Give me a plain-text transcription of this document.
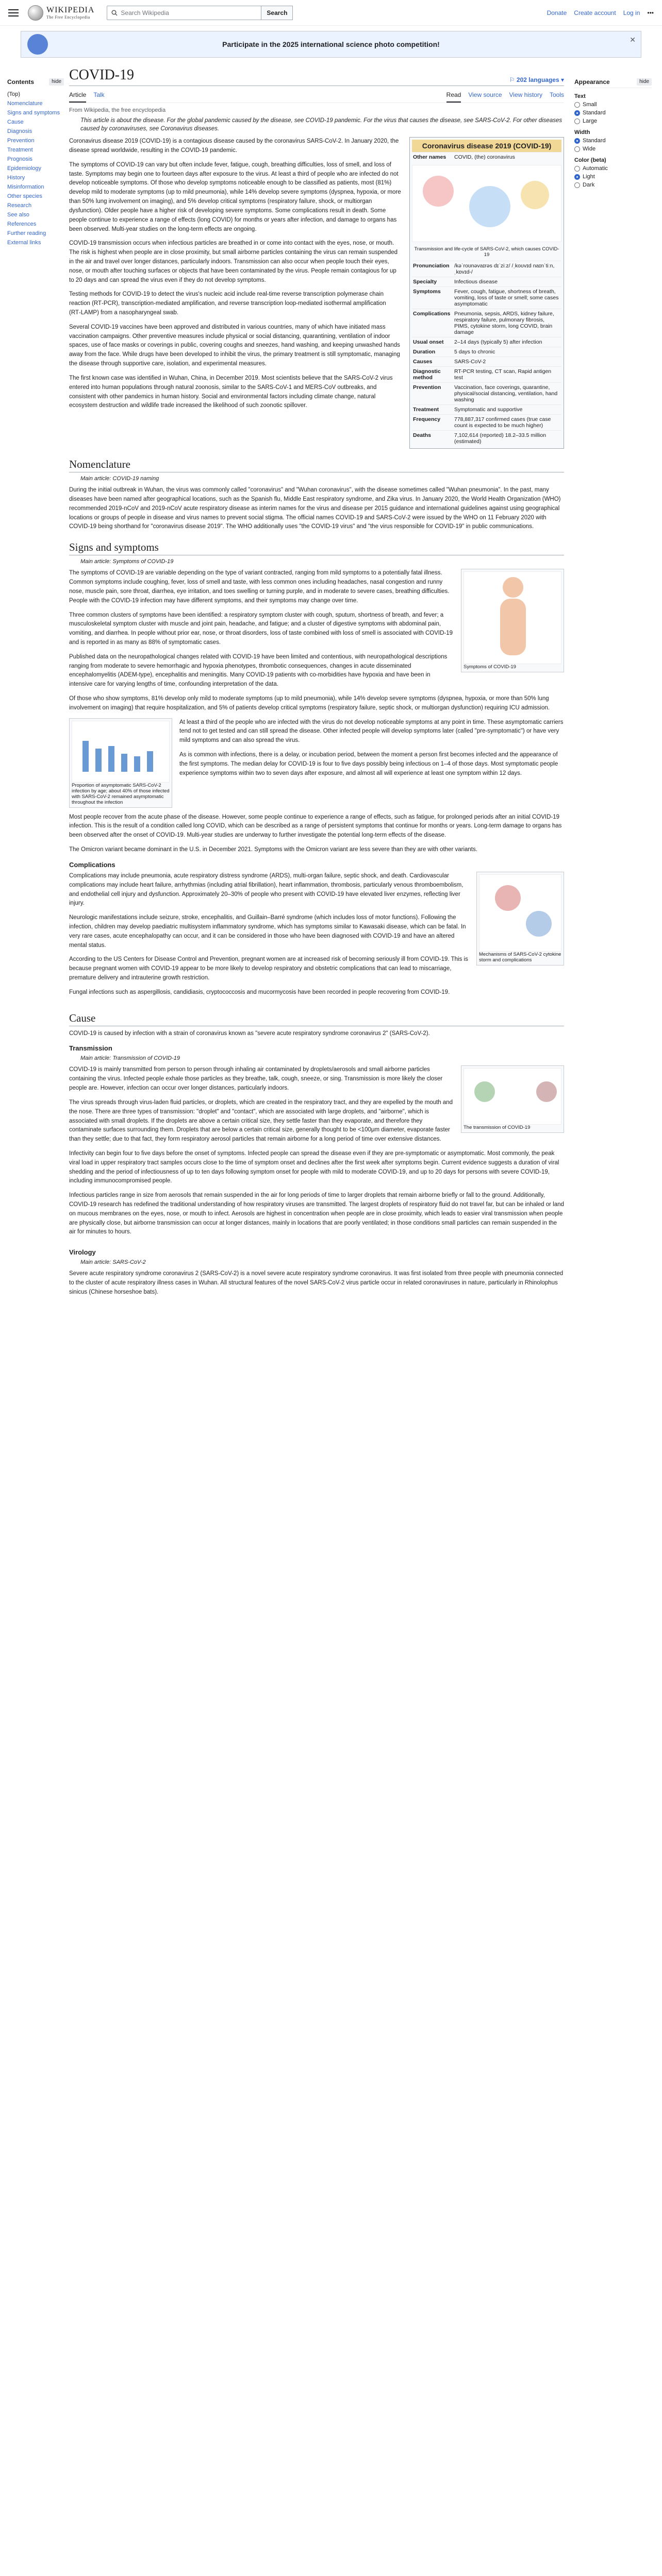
WIKIPEDIA
The Free Encyclopedia
Search Wikipedia	Search	Donate Create account Log in •••
Participate in the 2025 international science photo competition!
✕
Contents	hide
(Top)
Nomenclature
Signs and symptoms
Cause
Diagnosis
Prevention
Treatment
Prognosis
Epidemiology
History
Misinformation
Other species
Research
See also
References
Further reading
External links
COVID-19	⚐ 202 languages ▾
Article Talk	Read View source View history Tools
From Wikipedia, the free encyclopedia
This article is about the disease. For the global pandemic caused by the disease, see COVID-19 pandemic. For the virus that causes the disease, see SARS-CoV-2. For other diseases caused by coronaviruses, see Coronavirus diseases.

Coronavirus disease 2019 (COVID-19) is a contagious disease caused by the coronavirus SARS-CoV-2. In January 2020, the disease spread worldwide, resulting in the COVID-19 pandemic.

The symptoms of COVID‑19 can vary but often include fever, fatigue, cough, breathing difficulties, loss of smell, and loss of taste. Symptoms may begin one to fourteen days after exposure to the virus. At least a third of people who are infected do not develop noticeable symptoms. Of those who develop symptoms noticeable enough to be classified as patients, most (81%) develop mild to moderate symptoms (up to mild pneumonia), while 14% develop severe symptoms (dyspnea, hypoxia, or more than 50% lung involvement on imaging), and 5% develop critical symptoms (respiratory failure, shock, or multiorgan dysfunction). Older people have a higher risk of developing severe symptoms. Some complications result in death. Some people continue to experience a range of effects (long COVID) for months or years after infection, and damage to organs has been observed. Multi-year studies on the long-term effects are ongoing.

COVID‑19 transmission occurs when infectious particles are breathed in or come into contact with the eyes, nose, or mouth. The risk is highest when people are in close proximity, but small airborne particles containing the virus can remain suspended in the air and travel over longer distances, particularly indoors. Transmission can also occur when people touch their eyes, nose, or mouth after touching surfaces or objects that have been contaminated by the virus. People remain contagious for up to 20 days and can spread the virus even if they do not develop symptoms.

Testing methods for COVID-19 to detect the virus's nucleic acid include real-time reverse transcription polymerase chain reaction (RT‑PCR), transcription-mediated amplification, and reverse transcription loop-mediated isothermal amplification (RT‑LAMP) from a nasopharyngeal swab.

Several COVID-19 vaccines have been approved and distributed in various countries, many of which have initiated mass vaccination campaigns. Other preventive measures include physical or social distancing, quarantining, ventilation of indoor spaces, use of face masks or coverings in public, covering coughs and sneezes, hand washing, and keeping unwashed hands away from the face. While drugs have been developed to inhibit the virus, the primary treatment is still symptomatic, managing the disease through supportive care, isolation, and experimental measures.

The first known case was identified in Wuhan, China, in December 2019. Most scientists believe that the SARS-CoV-2 virus entered into human populations through natural zoonosis, similar to the SARS-CoV-1 and MERS-CoV outbreaks, and consistent with other pandemics in human history. Social and environmental factors including climate change, natural ecosystem destruction and wildlife trade increased the likelihood of such zoonotic spillover.

Coronavirus disease 2019 (COVID-19)
Other names	COVID, (the) coronavirus
Transmission and life-cycle of SARS-CoV-2, which causes COVID-19
Pronunciation /kəˈroʊnəvaɪrəs dɪˈziːz/ /ˌkoʊvɪd naɪnˈtiːn, ˌkɒvɪd-/
Specialty	Infectious disease
Symptoms	Fever, cough, fatigue, shortness of breath, vomiting, loss of taste or smell; some cases asymptomatic
Complications Pneumonia, sepsis, ARDS, kidney failure, respiratory failure, pulmonary fibrosis, PIMS, cytokine storm, long COVID, brain damage
Usual onset	2–14 days (typically 5) after infection
Duration	5 days to chronic
Causes	SARS-CoV-2
Diagnostic method
RT-PCR testing, CT scan, Rapid antigen test
Prevention	Vaccination, face coverings, quarantine, physical/social distancing, ventilation, hand washing
Treatment	Symptomatic and supportive
Frequency	778,887,317 confirmed cases (true case count is expected to be much higher)
Deaths	7,102,614 (reported) 18.2–33.5 million (estimated)
Nomenclature
Main article: COVID-19 naming

During the initial outbreak in Wuhan, the virus was commonly called "coronavirus" and "Wuhan coronavirus", with the disease sometimes called "Wuhan pneumonia". In the past, many diseases have been named after geographical locations, such as the Spanish flu, Middle East respiratory syndrome, and Zika virus. In January 2020, the World Health Organization (WHO) recommended 2019-nCoV and 2019-nCoV acute respiratory disease as interim names for the virus and disease per 2015 guidance and international guidelines against using geographical locations or groups of people in disease and virus names to prevent social stigma. The official names COVID‑19 and SARS-CoV-2 were issued by the WHO on 11 February 2020 with COVID-19 being shorthand for "coronavirus disease 2019". The WHO additionally uses "the COVID‑19 virus" and "the virus responsible for COVID‑19" in public communications.

Signs and symptoms
Main article: Symptoms of COVID-19
Symptoms of COVID-19

The symptoms of COVID-19 are variable depending on the type of variant contracted, ranging from mild symptoms to a potentially fatal illness. Common symptoms include coughing, fever, loss of smell and taste, with less common ones including headaches, nasal congestion and runny nose, muscle pain, sore throat, diarrhea, eye irritation, and toes swelling or turning purple, and in moderate to severe cases, breathing difficulties. People with the COVID-19 infection may have different symptoms, and their symptoms may change over time.

Three common clusters of symptoms have been identified: a respiratory symptom cluster with cough, sputum, shortness of breath, and fever; a musculoskeletal symptom cluster with muscle and joint pain, headache, and fatigue; and a cluster of digestive symptoms with abdominal pain, vomiting, and diarrhea. In people without prior ear, nose, or throat disorders, loss of taste combined with loss of smell is associated with COVID-19 and is reported in as many as 88% of symptomatic cases.

Published data on the neuropathological changes related with COVID-19 have been limited and contentious, with neuropathological descriptions ranging from moderate to severe hemorrhagic and hypoxia phenotypes, thrombotic consequences, changes in acute disseminated encephalomyelitis (ADEM-type), encephalitis and meningitis. Many COVID-19 patients with co-morbidities have hypoxia and have been in intensive care for varying lengths of time, confounding interpretation of the data.

Of those who show symptoms, 81% develop only mild to moderate symptoms (up to mild pneumonia), while 14% develop severe symptoms (dyspnea, hypoxia, or more than 50% lung involvement on imaging) that require hospitalization, and 5% of patients develop critical symptoms (respiratory failure, septic shock, or multiorgan dysfunction) requiring ICU admission.

Proportion of asymptomatic SARS-CoV-2 infection by age; about 40% of those infected with SARS-CoV-2 remained asymptomatic throughout the infection

At least a third of the people who are infected with the virus do not develop noticeable symptoms at any point in time. These asymptomatic carriers tend not to get tested and can still spread the disease. Other infected people will develop symptoms later (called "pre-symptomatic") or have very mild symptoms and can also spread the virus.

As is common with infections, there is a delay, or incubation period, between the moment a person first becomes infected and the appearance of the first symptoms. The median delay for COVID-19 is four to five days possibly being infectious on 1–4 of those days. Most symptomatic people experience symptoms within two to seven days after exposure, and almost all will experience at least one symptom within 12 days.

Most people recover from the acute phase of the disease. However, some people continue to experience a range of effects, such as fatigue, for prolonged periods after an initial COVID-19 infection. This is the result of a condition called long COVID, which can be described as a range of persistent symptoms that continue for months or years. Long-term damage to organs has been observed after the onset of COVID-19. Multi-year studies are underway to further investigate the potential long-term effects of the disease.

The Omicron variant became dominant in the U.S. in December 2021. Symptoms with the Omicron variant are less severe than they are with other variants.

Complications
Mechanisms of SARS-CoV-2 cytokine storm and complications

Complications may include pneumonia, acute respiratory distress syndrome (ARDS), multi-organ failure, septic shock, and death. Cardiovascular complications may include heart failure, arrhythmias (including atrial fibrillation), heart inflammation, thrombosis, particularly venous thromboembolism, and endothelial cell injury and dysfunction. Approximately 20–30% of people who present with COVID‑19 have elevated liver enzymes, reflecting liver injury.

Neurologic manifestations include seizure, stroke, encephalitis, and Guillain–Barré syndrome (which includes loss of motor functions). Following the infection, children may develop paediatric multisystem inflammatory syndrome, which has symptoms similar to Kawasaki disease, which can be fatal. In very rare cases, acute encephalopathy can occur, and it can be considered in those who have been diagnosed with COVID‑19 and have an altered mental status.

According to the US Centers for Disease Control and Prevention, pregnant women are at increased risk of becoming seriously ill from COVID-19. This is because pregnant women with COVID-19 appear to be more likely to develop respiratory and obstetric complications that can lead to miscarriage, premature delivery and intrauterine growth restriction.

Fungal infections such as aspergillosis, candidiasis, cryptococcosis and mucormycosis have been recorded in people recovering from COVID-19.

Cause

COVID‑19 is caused by infection with a strain of coronavirus known as "severe acute respiratory syndrome coronavirus 2" (SARS-CoV-2).

Transmission
Main article: Transmission of COVID-19
The transmission of COVID-19

COVID-19 is mainly transmitted from person to person through inhaling air contaminated by droplets/aerosols and small airborne particles containing the virus. Infected people exhale those particles as they breathe, talk, cough, sneeze, or sing. Transmission is more likely the closer people are. However, infection can occur over longer distances, particularly indoors.

The virus spreads through virus-laden fluid particles, or droplets, which are created in the respiratory tract, and they are expelled by the mouth and the nose. There are three types of transmission: "droplet" and "contact", which are associated with large droplets, and "airborne", which is associated with small droplets. If the droplets are above a certain critical size, they settle faster than they evaporate, and therefore they contaminate surfaces surrounding them. Droplets that are below a certain critical size, generally thought to be <100μm diameter, evaporate faster than they settle; due to that fact, they form respiratory aerosol particles that remain airborne for a long period of time over extensive distances.

Infectivity can begin four to five days before the onset of symptoms. Infected people can spread the disease even if they are pre-symptomatic or asymptomatic. Most commonly, the peak viral load in upper respiratory tract samples occurs close to the time of symptom onset and declines after the first week after symptoms begin. Current evidence suggests a duration of viral shedding and the period of infectiousness of up to ten days following symptom onset for people with mild to moderate COVID-19, and up to 20 days for persons with severe COVID-19, including immunocompromised people.

Infectious particles range in size from aerosols that remain suspended in the air for long periods of time to larger droplets that remain airborne briefly or fall to the ground. Additionally, COVID-19 research has redefined the traditional understanding of how respiratory viruses are transmitted. The largest droplets of respiratory fluid do not travel far, but can be inhaled or land on mucous membranes on the eyes, nose, or mouth to infect. Aerosols are highest in concentration when people are in close proximity, which leads to easier viral transmission when people are physically close, but airborne transmission can occur at longer distances, mainly in locations that are poorly ventilated; in those conditions small particles can remain suspended in the air for minutes to hours.

Virology
Main article: SARS-CoV-2

Severe acute respiratory syndrome coronavirus 2 (SARS-CoV-2) is a novel severe acute respiratory syndrome coronavirus. It was first isolated from three people with pneumonia connected to the cluster of acute respiratory illness cases in Wuhan. All structural features of the novel SARS-CoV-2 virus particle occur in related coronaviruses in nature, particularly in Rhinolophus sinicus (Chinese horseshoe bats).

Appearance	hide
Text
Small
Standard
Large
Width
Standard
Wide
Color (beta)
Automatic
Light
Dark
